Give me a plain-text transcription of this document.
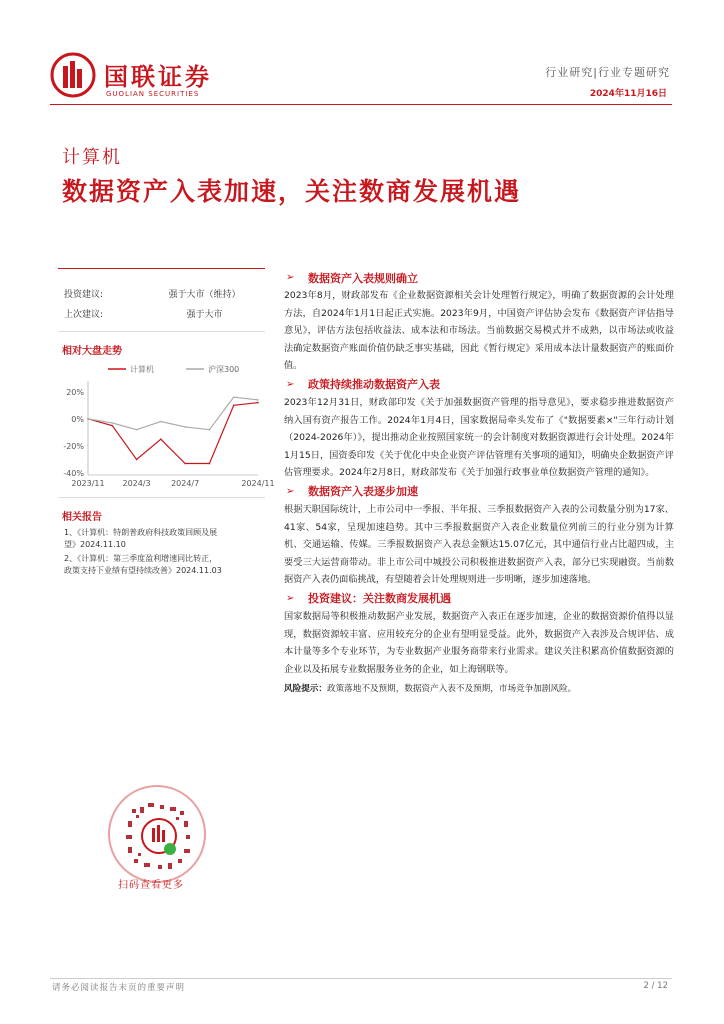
国联证券
GUOLIAN SECURITIES
行业研究|行业专题研究
2024年11月16日
计算机
数据资产入表加速，关注数商发展机遇
投资建议:	强于大市（维持）
上次建议:	强于大市
相对大盘走势
计算机	沪深300
20%
0%
-20%
-40%
2023/11 2024/3	2024/7	2024/11
相关报告
1、《计算机：特朗普政府科技政策回顾及展
望》2024.11.10
2、《计算机：第三季度盈利增速同比转正，
政策支持下业绩有望持续改善》2024.11.03
扫码查看更多
➢	数据资产入表规则确立

2023年8月，财政部发布《企业数据资源相关会计处理暂行规定》，明确了数据资源的会计处理方法，自2024年1月1日起正式实施。2023年9月，中国资产评估协会发布《数据资产评估指导意见》，评估方法包括收益法、成本法和市场法。当前数据交易模式并不成熟，以市场法或收益法确定数据资产账面价值仍缺乏事实基础，因此《暂行规定》采用成本法计量数据资产的账面价值。

➢	政策持续推动数据资产入表

2023年12月31日，财政部印发《关于加强数据资产管理的指导意见》，要求稳步推进数据资产纳入国有资产报告工作。2024年1月4日，国家数据局牵头发布了《"数据要素×"三年行动计划 （2024-2026年）》，提出推动企业按照国家统一的会计制度对数据资源进行会计处理。2024年1月15日，国资委印发《关于优化中央企业资产评估管理有关事项的通知》，明确央企数据资产评估管理要求。2024年2月8日，财政部发布《关于加强行政事业单位数据资产管理的通知》。

➢	数据资产入表逐步加速

根据天职国际统计，上市公司中一季报、半年报、三季报数据资产入表的公司数量分别为17家、41家、54家，呈现加速趋势。其中三季报数据资产入表企业数量位列前三的行业分别为计算机、交通运输、传媒。三季报数据资产入表总金额达15.07亿元，其中通信行业占比超四成，主要受三大运营商带动。非上市公司中城投公司积极推进数据资产入表，部分已实现融资。当前数据资产入表仍面临挑战，有望随着会计处理规则进一步明晰，逐步加速落地。

➢	投资建议：关注数商发展机遇

国家数据局等积极推动数据产业发展，数据资产入表正在逐步加速，企业的数据资源价值得以显现，数据资源较丰富、应用较充分的企业有望明显受益。此外，数据资产入表涉及合规评估、成本计量等多个专业环节，为专业数据产业服务商带来行业需求。建议关注积累高价值数据资源的企业以及拓展专业数据服务业务的企业，如上海钢联等。

风险提示：政策落地不及预期，数据资产入表不及预期，市场竞争加剧风险。

请务必阅读报告末页的重要声明	2 / 12
